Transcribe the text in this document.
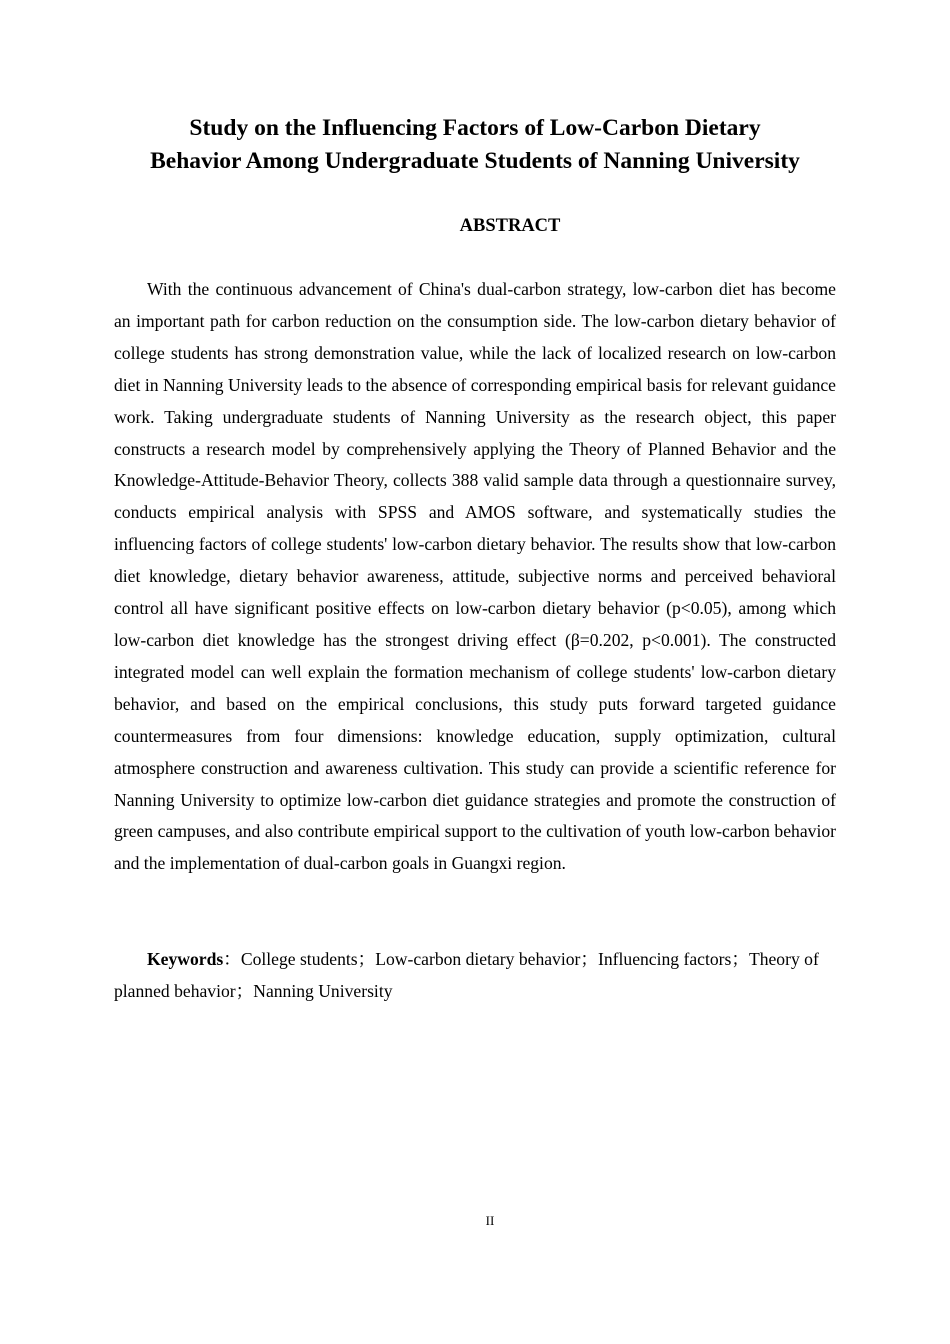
Study on the Influencing Factors of Low-Carbon Dietary
Behavior Among Undergraduate Students of Nanning University
ABSTRACT

With the continuous advancement of China's dual-carbon strategy, low-carbon diet has become an important path for carbon reduction on the consumption side. The low-carbon dietary behavior of college students has strong demonstration value, while the lack of localized research on low-carbon diet in Nanning University leads to the absence of corresponding empirical basis for relevant guidance work. Taking undergraduate students of Nanning University as the research object, this paper constructs a research model by comprehensively applying the Theory of Planned Behavior and the Knowledge-Attitude-Behavior Theory, collects 388 valid sample data through a questionnaire survey, conducts empirical analysis with SPSS and AMOS software, and systematically studies the influencing factors of college students' low-carbon dietary behavior. The results show that low-carbon diet knowledge, dietary behavior awareness, attitude, subjective norms and perceived behavioral control all have significant positive effects on low-carbon dietary behavior (p<0.05), among which low-carbon diet knowledge has the strongest driving effect (β=0.202, p<0.001). The constructed integrated model can well explain the formation mechanism of college students' low-carbon dietary behavior, and based on the empirical conclusions, this study puts forward targeted guidance countermeasures from four dimensions: knowledge education, supply optimization, cultural atmosphere construction and awareness cultivation. This study can provide a scientific reference for Nanning University to optimize low-carbon diet guidance strategies and promote the construction of green campuses, and also contribute empirical support to the cultivation of youth low-carbon behavior and the implementation of dual-carbon goals in Guangxi region.

Keywords：College students；Low-carbon dietary behavior；Influencing factors；Theory of planned behavior；Nanning University

II
